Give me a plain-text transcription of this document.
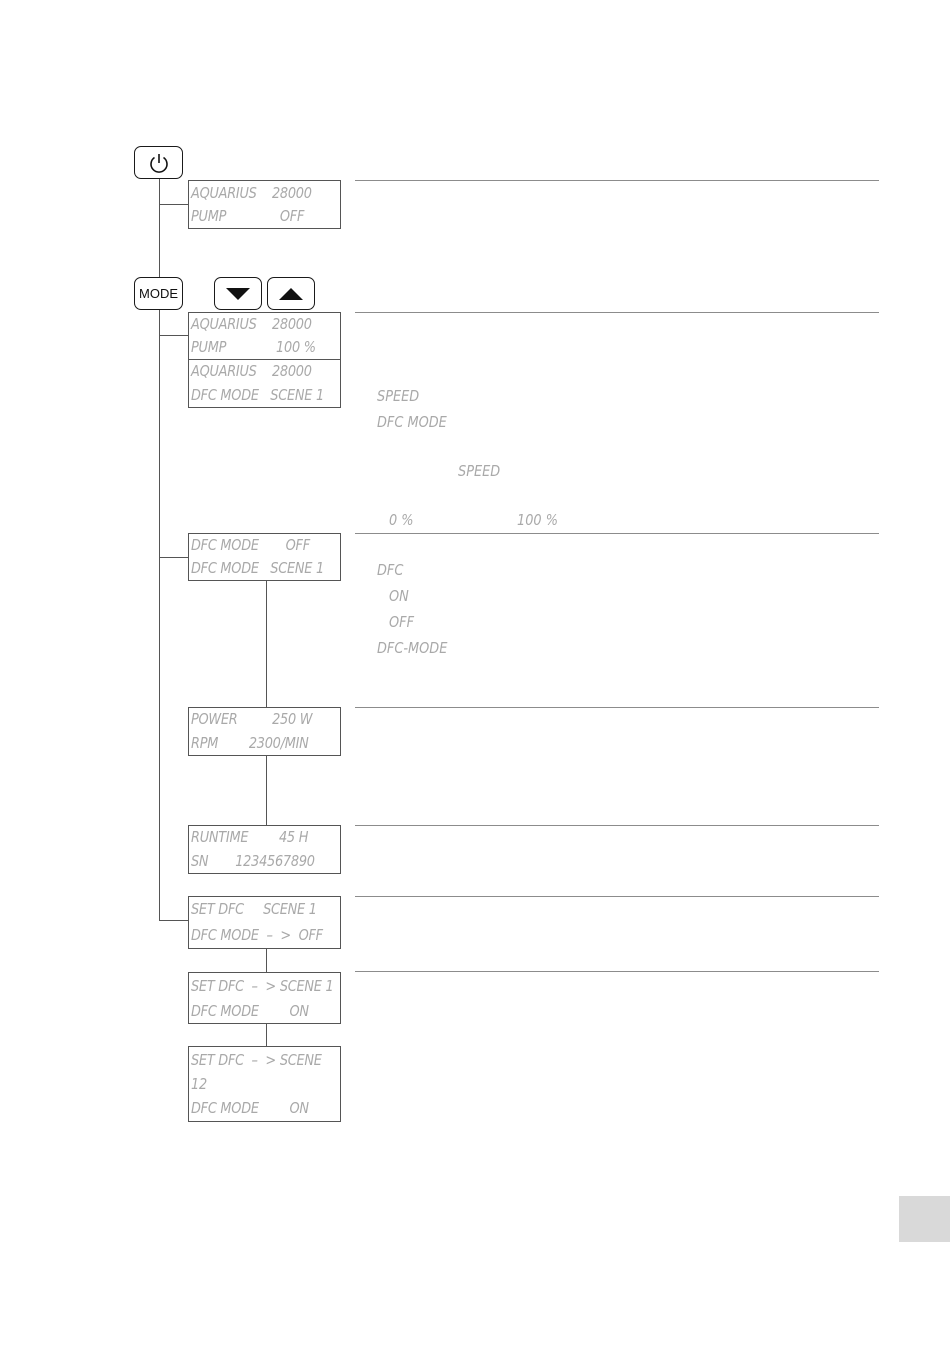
MODE
AQUARIUS    28000
PUMP              OFF
AQUARIUS    28000
PUMP             100 %
AQUARIUS    28000
DFC MODE   SCENE 1
DFC MODE       OFF
DFC MODE   SCENE 1
POWER         250 W
RPM        2300/MIN
RUNTIME        45 H
SN       1234567890
SET DFC     SCENE 1
DFC MODE  –  >  OFF
SET DFC  –  > SCENE 1
DFC MODE        ON
SET DFC  –  > SCENE
12
DFC MODE        ON
SPEED
DFC MODE
SPEED
0 %	100 %
DFC
ON
OFF
DFC-MODE
